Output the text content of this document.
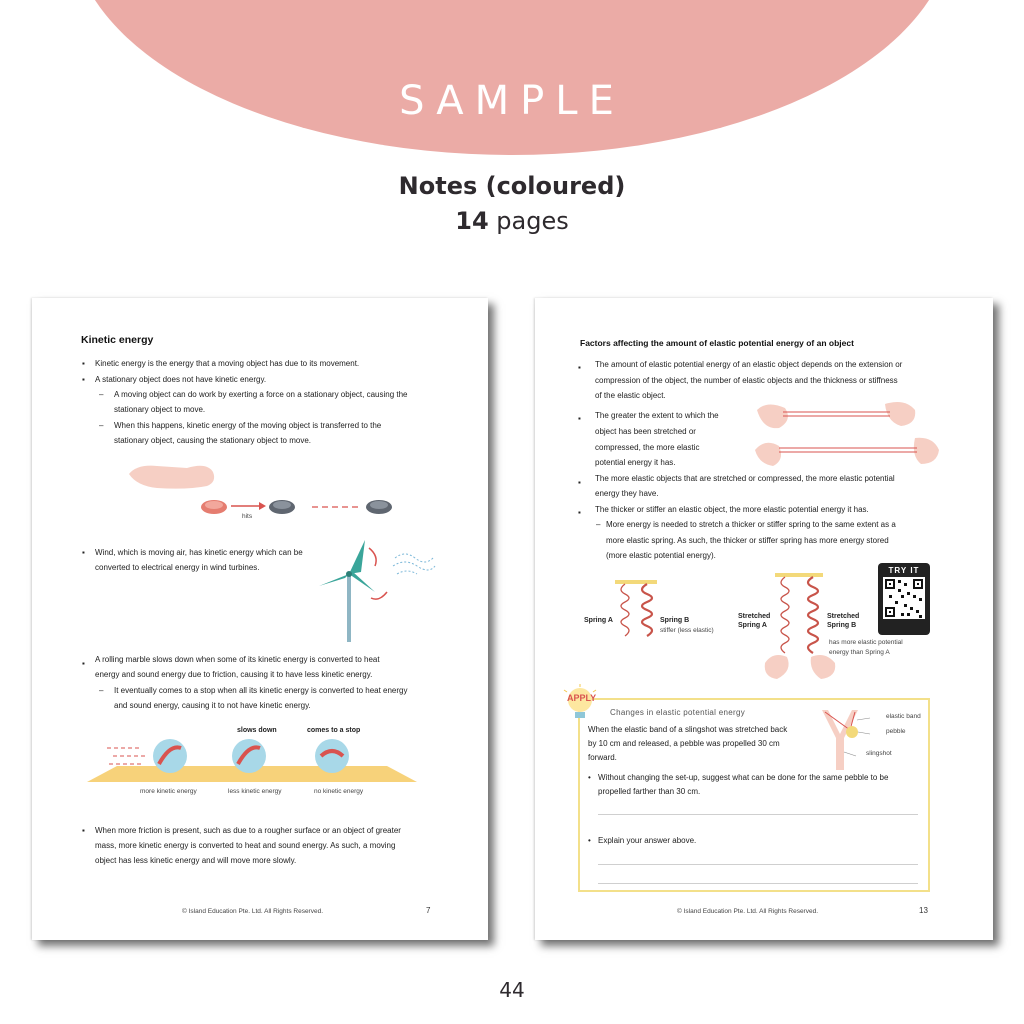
SAMPLE
Notes (coloured)
14 pages
Kinetic energy
▪ Kinetic energy is the energy that a moving object has due to its movement.
▪ A stationary object does not have kinetic energy.
– A moving object can do work by exerting a force on a stationary object, causing the
stationary object to move.
– When this happens, kinetic energy of the moving object is transferred to the
stationary object, causing the stationary object to move.
hits
▪ Wind, which is moving air, has kinetic energy which can be
converted to electrical energy in wind turbines.
▪ A rolling marble slows down when some of its kinetic energy is converted to heat
energy and sound energy due to friction, causing it to have less kinetic energy.
– It eventually comes to a stop when all its kinetic energy is converted to heat energy
and sound energy, causing it to not have kinetic energy.
slows down	comes to a stop
more kinetic energy	less kinetic energy	no kinetic energy
▪ When more friction is present, such as due to a rougher surface or an object of greater
mass, more kinetic energy is converted to heat and sound energy. As such, a moving
object has less kinetic energy and will move more slowly.
© Island Education Pte. Ltd. All Rights Reserved.	7
Factors affecting the amount of elastic potential energy of an object
▪ The amount of elastic potential energy of an elastic object depends on the extension or
compression of the object, the number of elastic objects and the thickness or stiffness
of the elastic object.
▪ The greater the extent to which the
object has been stretched or
compressed, the more elastic
potential energy it has.
▪ The more elastic objects that are stretched or compressed, the more elastic potential
energy they have.
▪ The thicker or stiffer an elastic object, the more elastic potential energy it has.
– More energy is needed to stretch a thicker or stiffer spring to the same extent as a
more elastic spring. As such, the thicker or stiffer spring has more energy stored
(more elastic potential energy).
Spring A	Spring B
stiffer (less elastic)
Stretched
Spring A
Stretched
Spring B
has more elastic potential
energy than Spring A
TRY IT
Changes in elastic potential energy
When the elastic band of a slingshot was stretched back
by 10 cm and released, a pebble was propelled 30 cm
forward.
elastic band
pebble
slingshot
• Without changing the set-up, suggest what can be done for the same pebble to be
propelled farther than 30 cm.
• Explain your answer above.
APPLY
© Island Education Pte. Ltd. All Rights Reserved.	13
44
